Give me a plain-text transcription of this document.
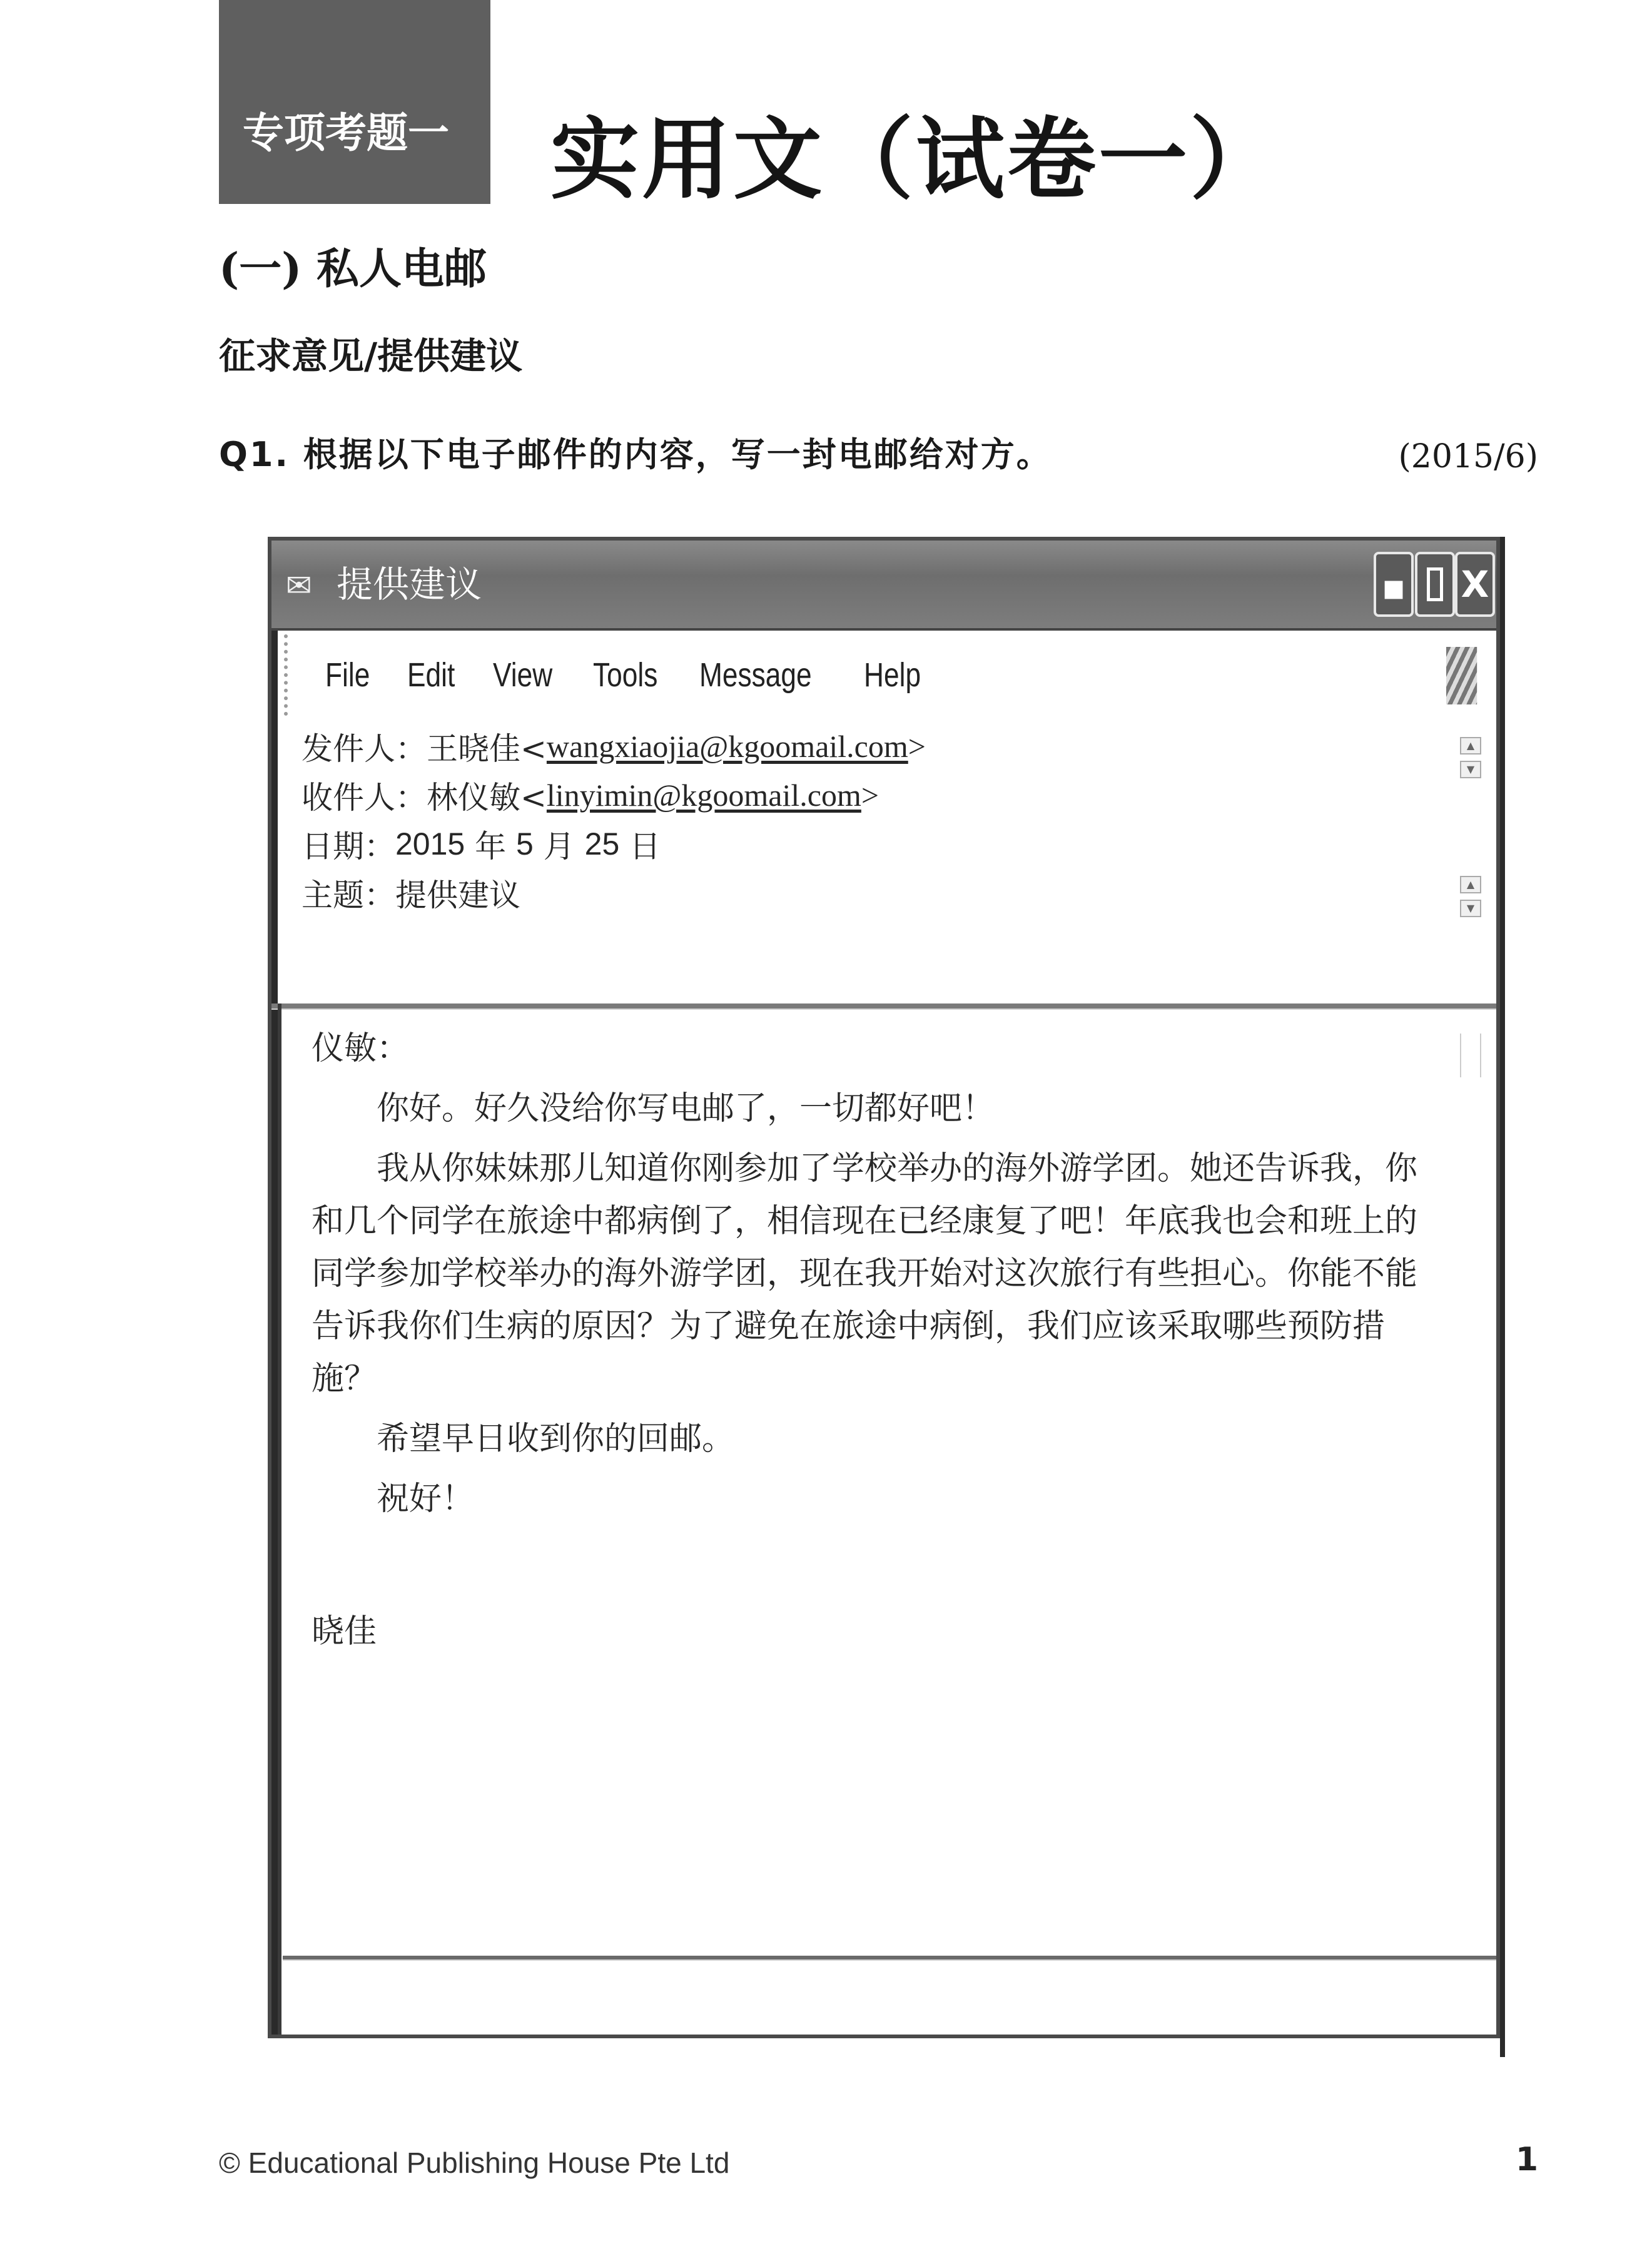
专项考题一 实用文（试卷一）
(一) 私人电邮
征求意见/提供建议

Q1. 根据以下电子邮件的内容，写一封电邮给对方。	(2015/6)
✉ 提供建议	▪ X
File Edit View Tools Message Help
发件人： 王晓佳< wangxiaojia@kgoomail.com >
收件人： 林仪敏< linyimin@kgoomail.com >
日期： 2015 年 5 月 25 日
主题： 提供建议
▲
▼
▲
▼

仪敏：

你好。好久没给你写电邮了，一切都好吧！

我从你妹妹那儿知道你刚参加了学校举办的海外游学团。她还告诉我，你和几个同学在旅途中都病倒了，相信现在已经康复了吧！年底我也会和班上的同学参加学校举办的海外游学团，现在我开始对这次旅行有些担心。你能不能告诉我你们生病的原因？为了避免在旅途中病倒，我们应该采取哪些预防措施？

希望早日收到你的回邮。

祝好！

晓佳

© Educational Publishing House Pte Ltd	1
